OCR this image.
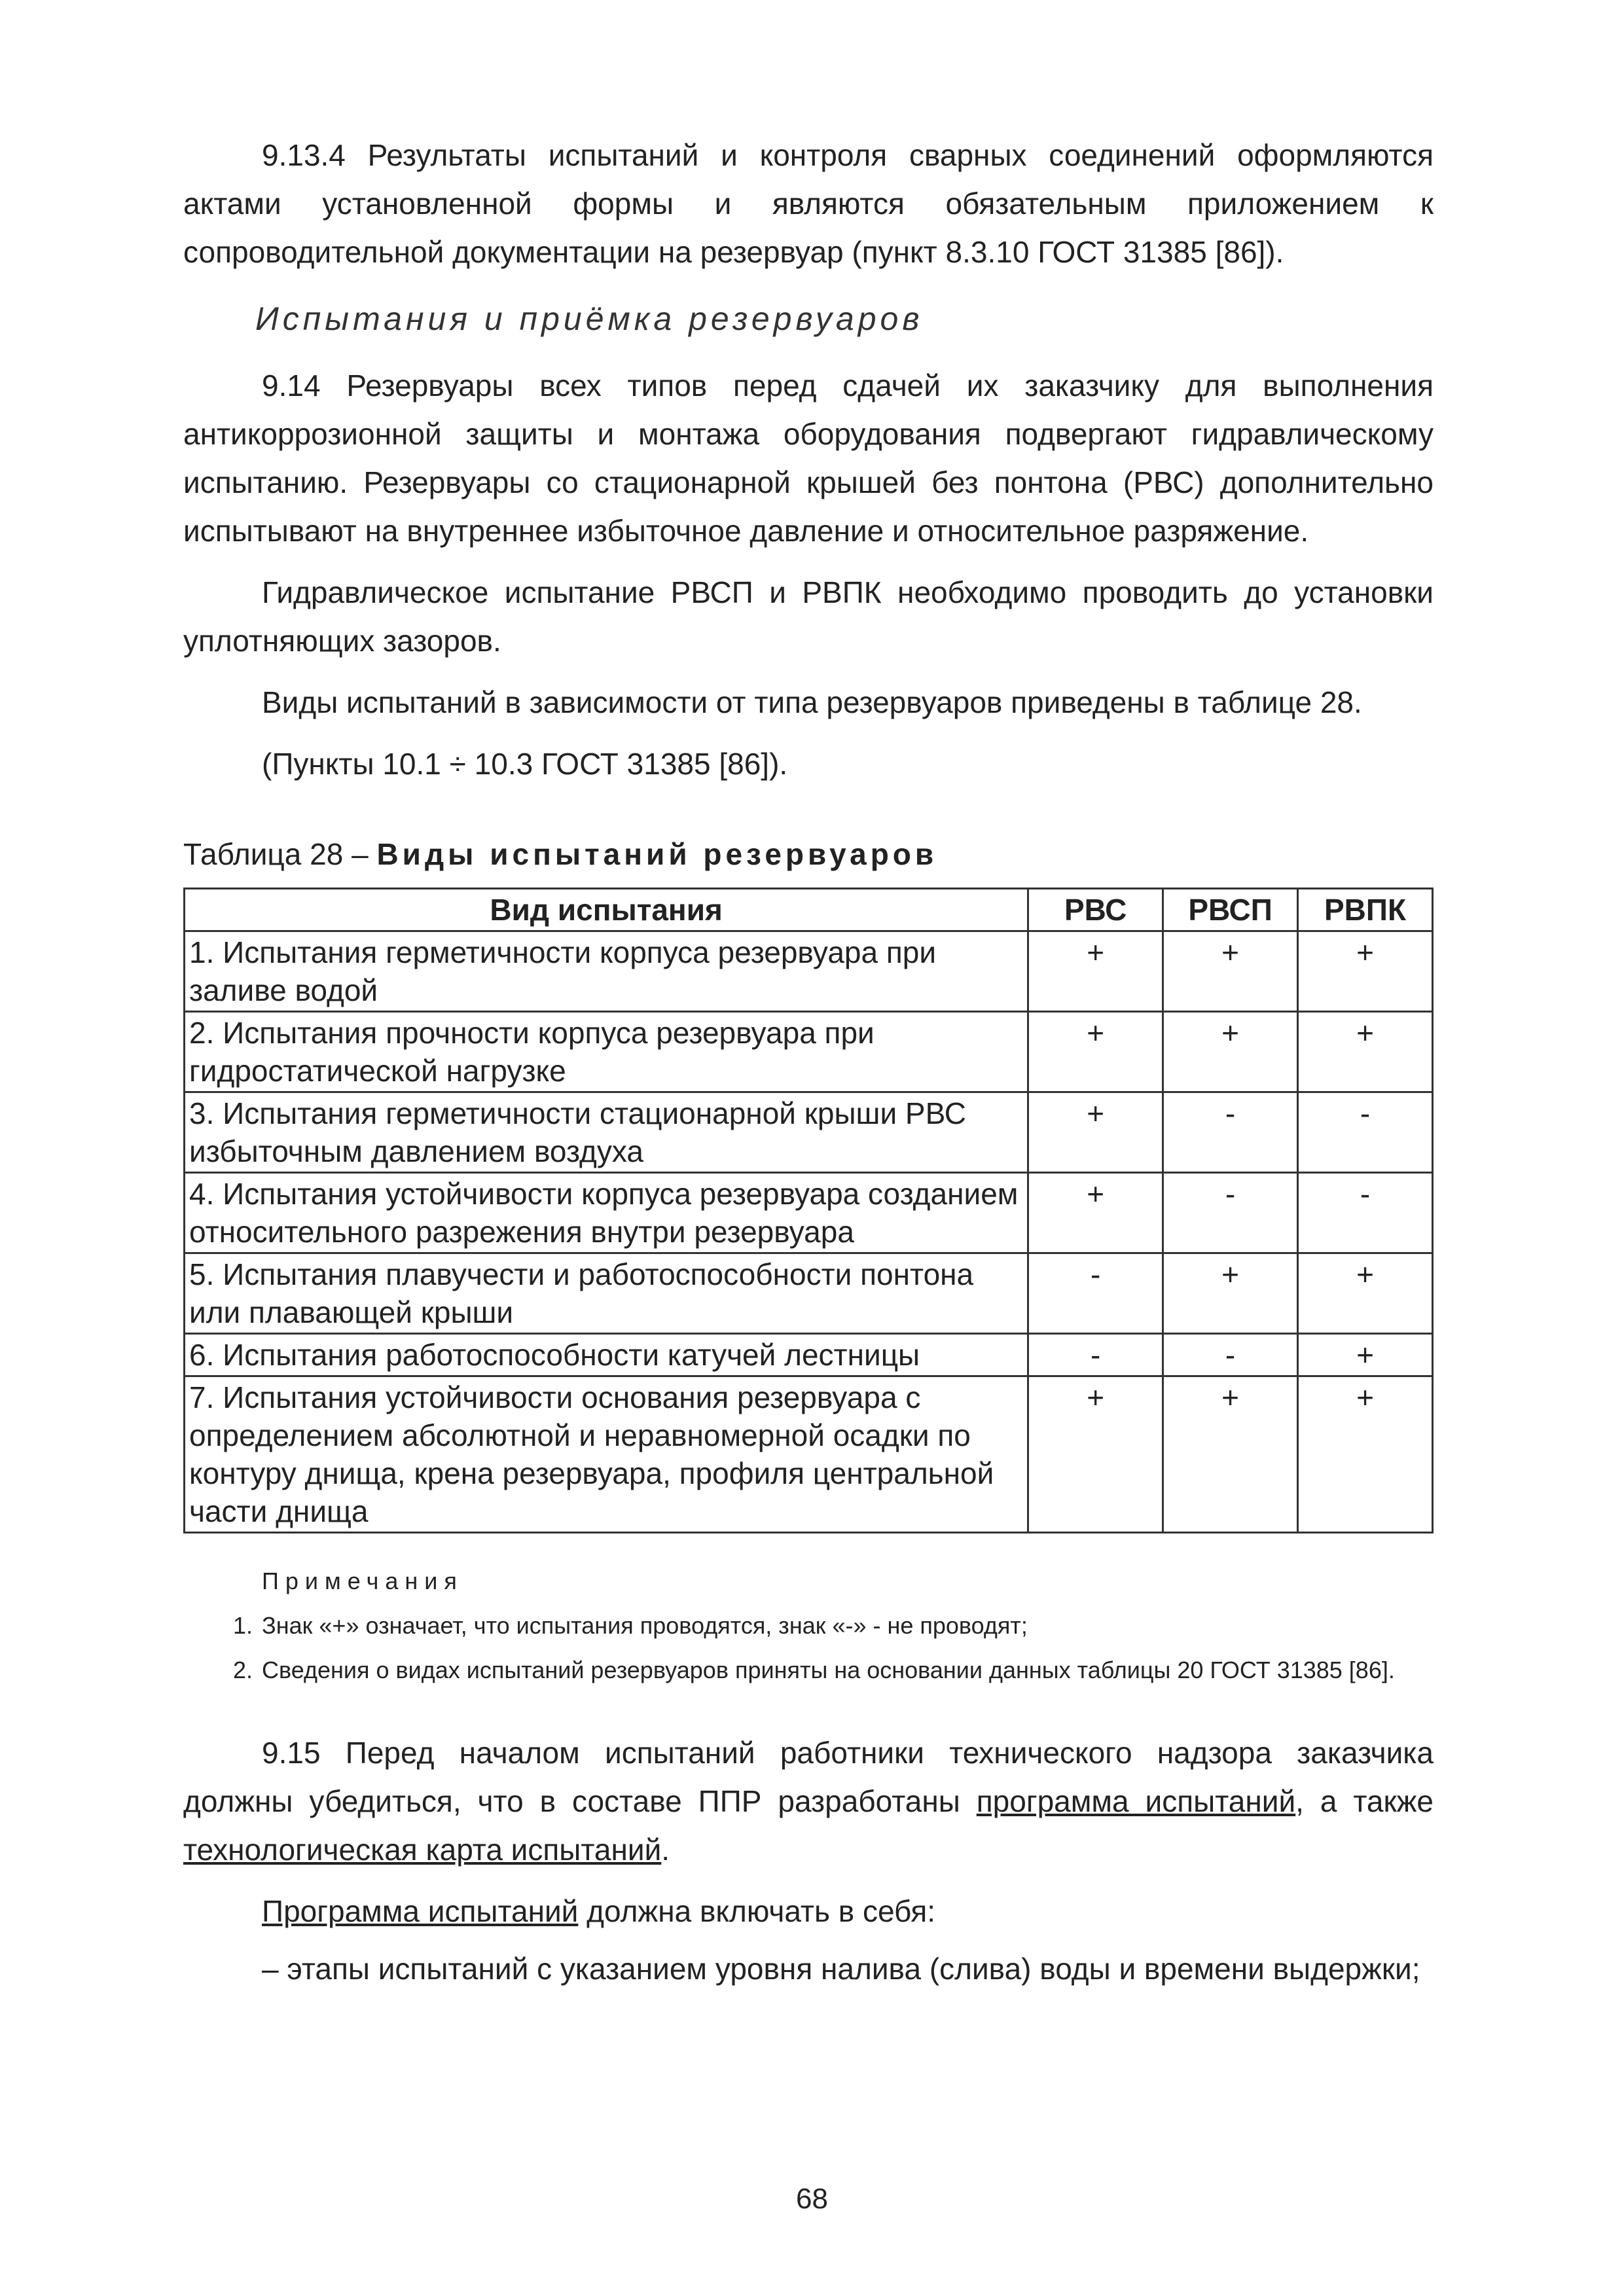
9.13.4 Результаты испытаний и контроля сварных соединений оформляются актами установленной формы и являются обязательным приложением к сопроводительной документации на резервуар (пункт 8.3.10 ГОСТ 31385 [86]).

Испытания и приёмка резервуаров

9.14 Резервуары всех типов перед сдачей их заказчику для выполнения антикоррозионной защиты и монтажа оборудования подвергают гидравлическому испытанию. Резервуары со стационарной крышей без понтона (РВС) дополнительно испытывают на внутреннее избыточное давление и относительное разряжение.

Гидравлическое испытание РВСП и РВПК необходимо проводить до установки уплотняющих зазоров.

Виды испытаний в зависимости от типа резервуаров приведены в таблице 28.

(Пункты 10.1 ÷ 10.3 ГОСТ 31385 [86]).

Таблица 28 – Виды испытаний резервуаров
Вид испытания	РВС	РВСП	РВПК
1. Испытания герметичности корпуса резервуара при заливе водой	+	+	+
2. Испытания прочности корпуса резервуара при гидростатической нагрузке	+	+	+
3. Испытания герметичности стационарной крыши РВС избыточным давлением воздуха	+	-	-
4. Испытания устойчивости корпуса резервуара созданием относительного разрежения внутри резервуара	+	-	-
5. Испытания плавучести и работоспособности понтона или плавающей крыши	-	+	+
6. Испытания работоспособности катучей лестницы	-	-	+
7. Испытания устойчивости основания резервуара с определением абсолютной и неравномерной осадки по контуру днища, крена резервуара, профиля центральной части днища	+	+	+
Примечания

1. Знак «+» означает, что испытания проводятся, знак «-» - не проводят;

2. Сведения о видах испытаний резервуаров приняты на основании данных таблицы 20 ГОСТ 31385 [86].

9.15 Перед началом испытаний работники технического надзора заказчика должны убедиться, что в составе ППР разработаны программа испытаний, а также технологическая карта испытаний.

Программа испытаний должна включать в себя:

– этапы испытаний с указанием уровня налива (слива) воды и времени выдержки;

68
